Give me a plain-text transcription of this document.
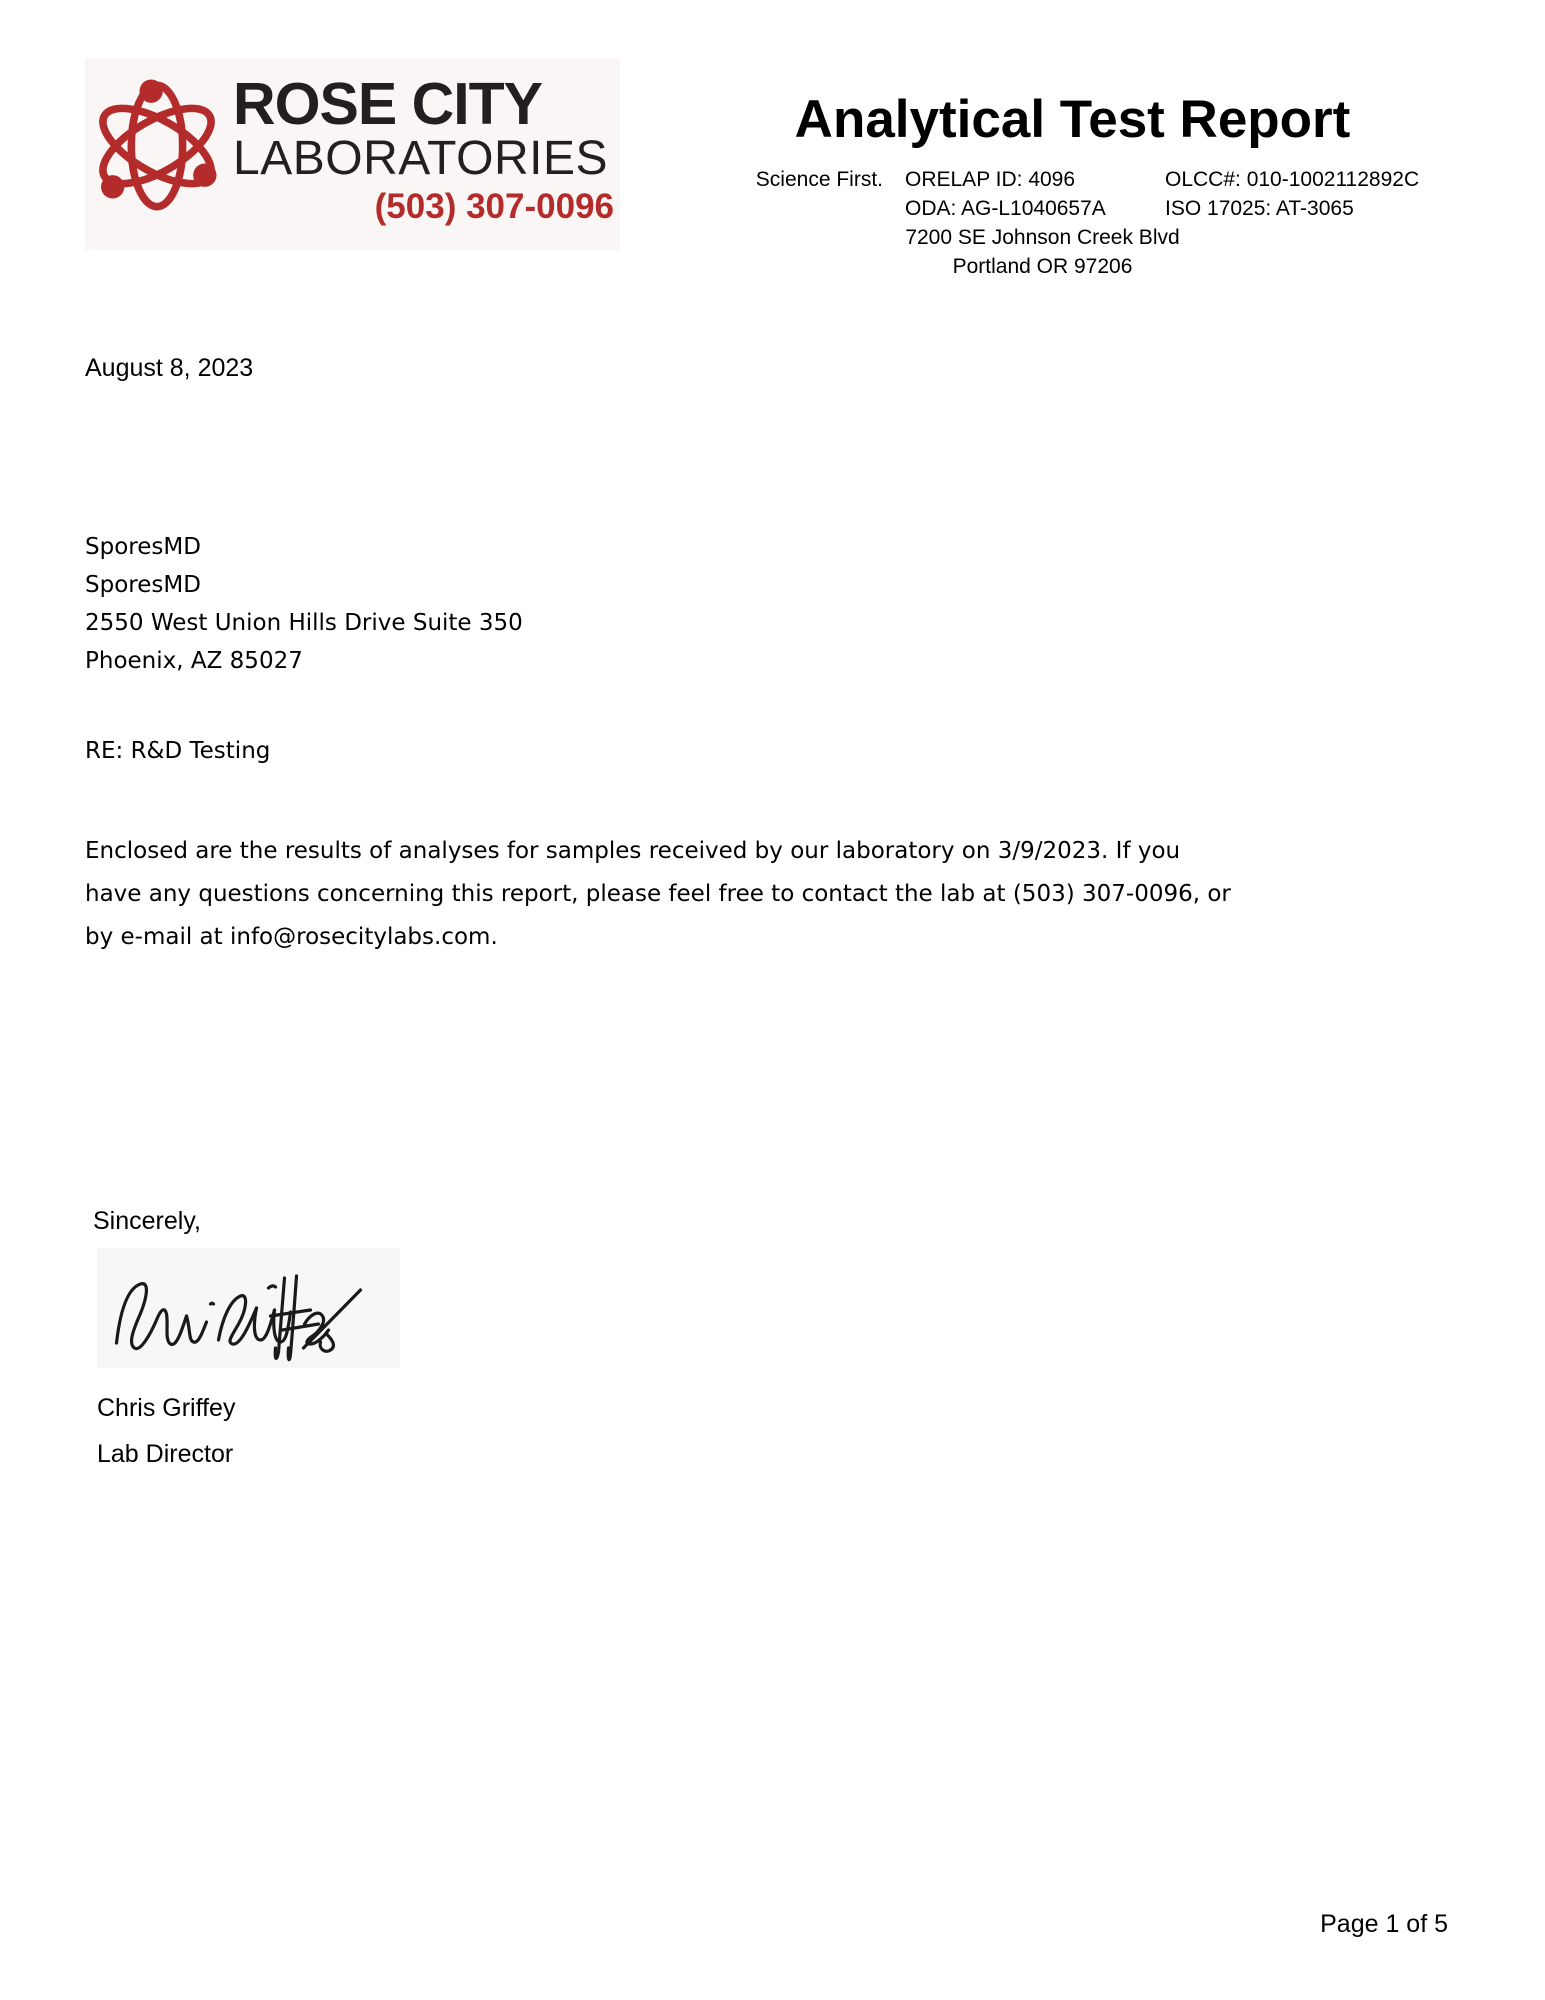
ROSE CITY
LABORATORIES
(503) 307-0096
Analytical Test Report
Science First. ORELAP ID: 4096	OLCC#: 010-1002112892C
ODA: AG-L1040657A	ISO 17025: AT-3065
7200 SE Johnson Creek Blvd
Portland OR 97206
August 8, 2023
SporesMD
SporesMD
2550 West Union Hills Drive Suite 350
Phoenix, AZ 85027
RE: R&D Testing
Enclosed are the results of analyses for samples received by our laboratory on 3/9/2023. If you
have any questions concerning this report, please feel free to contact the lab at (503) 307-0096, or
by e-mail at info@rosecitylabs.com.
Sincerely,
Chris Griffey
Lab Director
Page 1 of 5
